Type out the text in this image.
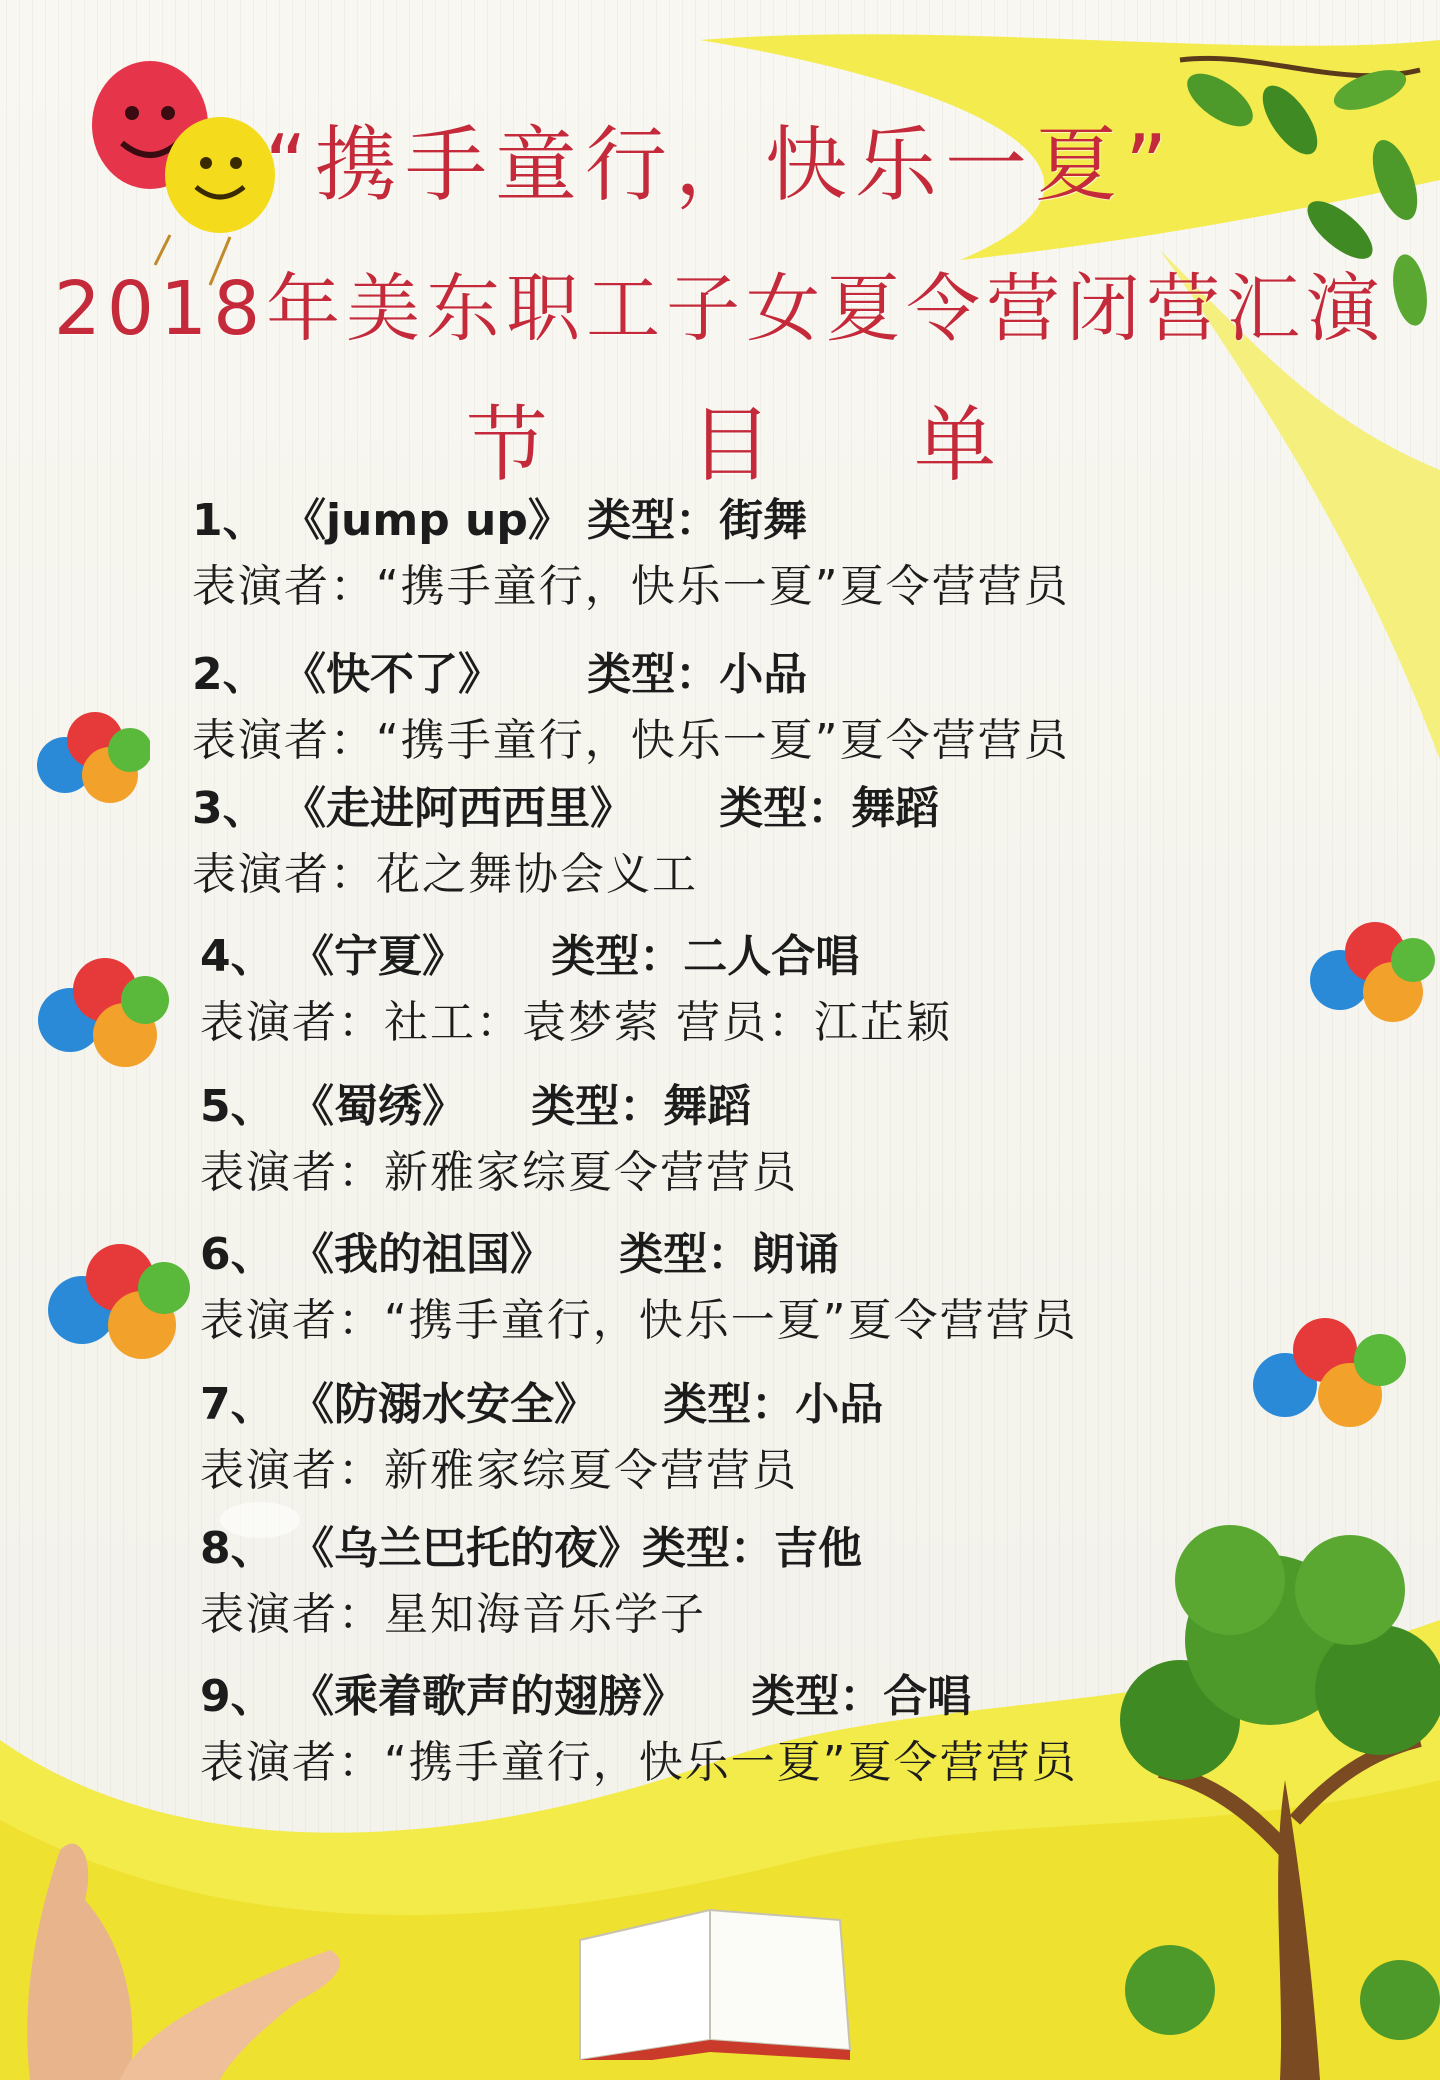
“携手童行，快乐一夏”
2018年美东职工子女夏令营闭营汇演
节 目 单
1、 《jump up》 类型：街舞
表演者：“携手童行，快乐一夏”夏令营营员
2、 《快不了》 类型：小品
表演者：“携手童行，快乐一夏”夏令营营员
3、 《走进阿西西里》 类型：舞蹈
表演者：花之舞协会义工
4、 《宁夏》 类型：二人合唱
表演者：社工：袁梦萦 营员：江芷颖
5、 《蜀绣》 类型：舞蹈
表演者：新雅家综夏令营营员
6、 《我的祖国》 类型：朗诵
表演者：“携手童行，快乐一夏”夏令营营员
7、 《防溺水安全》 类型：小品
表演者：新雅家综夏令营营员
8、 《乌兰巴托的夜》类型：吉他
表演者：星知海音乐学子
9、 《乘着歌声的翅膀》 类型：合唱
表演者：“携手童行，快乐一夏”夏令营营员
